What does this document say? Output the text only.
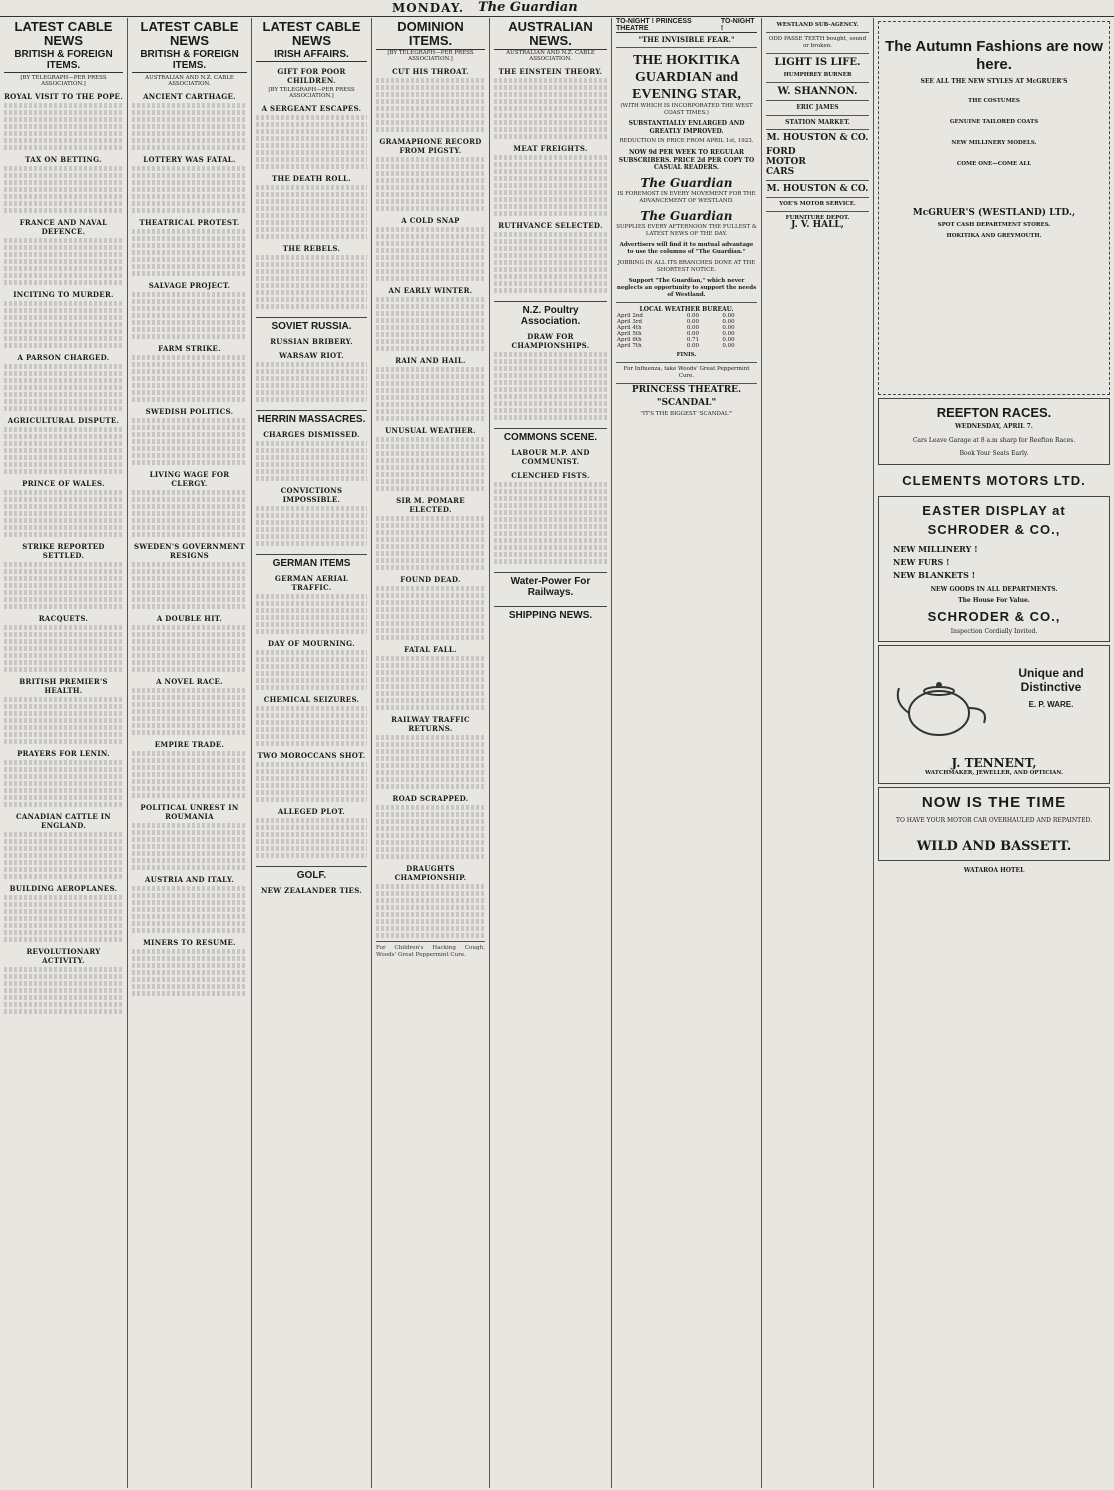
MONDAY. The Guardian
LATEST CABLE NEWS
BRITISH & FOREIGN ITEMS.
[BY TELEGRAPH—PER PRESS ASSOCIATION.]
ROYAL VISIT TO THE POPE.
TAX ON BETTING.
FRANCE AND NAVAL DEFENCE.
INCITING TO MURDER.
A PARSON CHARGED.
AGRICULTURAL DISPUTE.
PRINCE OF WALES.
STRIKE REPORTED SETTLED.
RACQUETS.
BRITISH PREMIER'S HEALTH.
PRAYERS FOR LENIN.
CANADIAN CATTLE IN ENGLAND.
BUILDING AEROPLANES.
REVOLUTIONARY ACTIVITY.
LATEST CABLE NEWS
BRITISH & FOREIGN ITEMS.
AUSTRALIAN AND N.Z. CABLE ASSOCIATION.
ANCIENT CARTHAGE.
LOTTERY WAS FATAL.
THEATRICAL PROTEST.
SALVAGE PROJECT.
FARM STRIKE.
SWEDISH POLITICS.
LIVING WAGE FOR CLERGY.
SWEDEN'S GOVERNMENT RESIGNS
A DOUBLE HIT.
A NOVEL RACE.
EMPIRE TRADE.
POLITICAL UNREST IN ROUMANIA
AUSTRIA AND ITALY.
MINERS TO RESUME.
LATEST CABLE NEWS
IRISH AFFAIRS.
GIFT FOR POOR CHILDREN.
[BY TELEGRAPH—PER PRESS ASSOCIATION.]
A SERGEANT ESCAPES.
THE DEATH ROLL.
THE REBELS.
SOVIET RUSSIA.
RUSSIAN BRIBERY.
WARSAW RIOT.
HERRIN MASSACRES.
CHARGES DISMISSED.
CONVICTIONS IMPOSSIBLE.
GERMAN ITEMS
GERMAN AERIAL TRAFFIC.
DAY OF MOURNING.
CHEMICAL SEIZURES.
TWO MOROCCANS SHOT.
ALLEGED PLOT.
GOLF.
NEW ZEALANDER TIES.
DOMINION ITEMS.
[BY TELEGRAPH—PER PRESS ASSOCIATION.]
CUT HIS THROAT.
GRAMAPHONE RECORD FROM PIGSTY.
A COLD SNAP
AN EARLY WINTER.
RAIN AND HAIL.
UNUSUAL WEATHER.
SIR M. POMARE ELECTED.
FOUND DEAD.
FATAL FALL.
RAILWAY TRAFFIC RETURNS.
ROAD SCRAPPED.
DRAUGHTS CHAMPIONSHIP.

For Children's Hacking Cough, Woods' Great Peppermint Cure.

AUSTRALIAN NEWS.
AUSTRALIAN AND N.Z. CABLE ASSOCIATION.
THE EINSTEIN THEORY.
MEAT FREIGHTS.
RUTHVANCE SELECTED.
N.Z. Poultry Association.
DRAW FOR CHAMPIONSHIPS.
COMMONS SCENE.
LABOUR M.P. AND COMMUNIST.
CLENCHED FISTS.
Water-Power For Railways.

SHIPPING NEWS.
TO-NIGHT ! PRINCESS THEATRE
TO-NIGHT !
"THE INVISIBLE FEAR."
THE HOKITIKA GUARDIAN and EVENING STAR,
(WITH WHICH IS INCORPORATED THE WEST COAST TIMES.)
SUBSTANTIALLY ENLARGED AND GREATLY IMPROVED.
REDUCTION IN PRICE FROM APRIL 1st, 1923.
NOW 9d PER WEEK TO REGULAR SUBSCRIBERS. PRICE 2d PER COPY TO CASUAL READERS.
The Guardian
IS FOREMOST IN EVERY MOVEMENT FOR THE ADVANCEMENT OF WESTLAND.
The Guardian
SUPPLIES EVERY AFTERNOON THE FULLEST & LATEST NEWS OF THE DAY.
Advertisers will find it to mutual advantage to use the columns of "The Guardian."
JOBBING IN ALL ITS BRANCHES DONE AT THE SHORTEST NOTICE.
Support "The Guardian," which never neglects an opportunity to support the needs of Westland.
LOCAL WEATHER BUREAU.
April 2nd	0.00	0.00
April 3rd	0.00	0.00
April 4th	0.00	0.00
April 5th	0.00	0.00
April 6th	0.71	0.00
April 7th	0.00	0.00
FINIS.
For Influenza, take Woods' Great Peppermint Cure.
PRINCESS THEATRE.
"SCANDAL"
"IT'S THE BIGGEST 'SCANDAL'"
WESTLAND SUB-AGENCY.
ODD PASSE TEETH bought, sound or broken.
LIGHT IS LIFE.
HUMPHREY BURNER
W. SHANNON.
ERIC JAMES
STATION MARKET.
M. HOUSTON & CO.
FORD MOTOR CARS
M. HOUSTON & CO.
YOE'S MOTOR SERVICE.
FURNITURE DEPOT.
J. V. HALL,
The Autumn Fashions are now here.
SEE ALL THE NEW STYLES AT McGRUER'S
THE COSTUMES
GENUINE TAILORED COATS
NEW MILLINERY MODELS.
COME ONE—COME ALL
McGRUER'S (WESTLAND) LTD.,
SPOT CASH DEPARTMENT STORES.
HOKITIKA AND GREYMOUTH.
REEFTON RACES.
WEDNESDAY, APRIL 7.
Cars Leave Garage at 8 a.m sharp for Reefton Races.
Book Your Seats Early.
CLEMENTS MOTORS LTD.
EASTER DISPLAY at
SCHRODER & CO.,
NEW MILLINERY !
NEW FURS !
NEW BLANKETS !
NEW GOODS IN ALL DEPARTMENTS.
The House For Value.
SCHRODER & CO.,
Inspection Cordially Invited.
Unique and Distinctive
E. P. WARE.
J. TENNENT,
WATCHMAKER, JEWELLER, AND OPTICIAN.
NOW IS THE TIME
TO HAVE YOUR MOTOR CAR OVERHAULED AND REPAINTED.
WILD AND BASSETT.
WATAROA HOTEL
